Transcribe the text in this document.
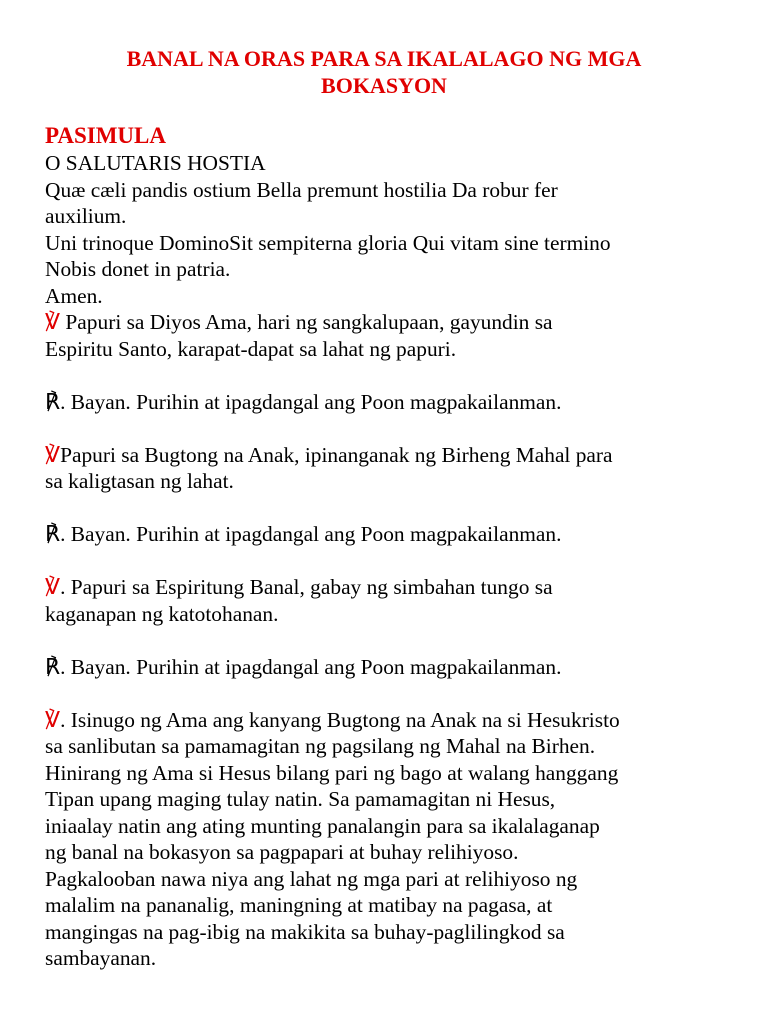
BANAL NA ORAS PARA SA IKALALAGO NG MGA
BOKASYON
PASIMULA
O SALUTARIS HOSTIA
Quæ cæli pandis ostium Bella premunt hostilia Da robur fer
auxilium.
Uni trinoque DominoSit sempiterna gloria Qui vitam sine termino
Nobis donet in patria.
Amen.
℣ Papuri sa Diyos Ama, hari ng sangkalupaan, gayundin sa
Espiritu Santo, karapat-dapat sa lahat ng papuri.
℟. Bayan. Purihin at ipagdangal ang Poon magpakailanman.
℣Papuri sa Bugtong na Anak, ipinanganak ng Birheng Mahal para
sa kaligtasan ng lahat.
℟. Bayan. Purihin at ipagdangal ang Poon magpakailanman.
℣. Papuri sa Espiritung Banal, gabay ng simbahan tungo sa
kaganapan ng katotohanan.
℟. Bayan. Purihin at ipagdangal ang Poon magpakailanman.
℣. Isinugo ng Ama ang kanyang Bugtong na Anak na si Hesukristo
sa sanlibutan sa pamamagitan ng pagsilang ng Mahal na Birhen.
Hinirang ng Ama si Hesus bilang pari ng bago at walang hanggang
Tipan upang maging tulay natin. Sa pamamagitan ni Hesus,
iniaalay natin ang ating munting panalangin para sa ikalalaganap
ng banal na bokasyon sa pagpapari at buhay relihiyoso.
Pagkalooban nawa niya ang lahat ng mga pari at relihiyoso ng
malalim na pananalig, maningning at matibay na pagasa, at
mangingas na pag-ibig na makikita sa buhay-paglilingkod sa
sambayanan.
